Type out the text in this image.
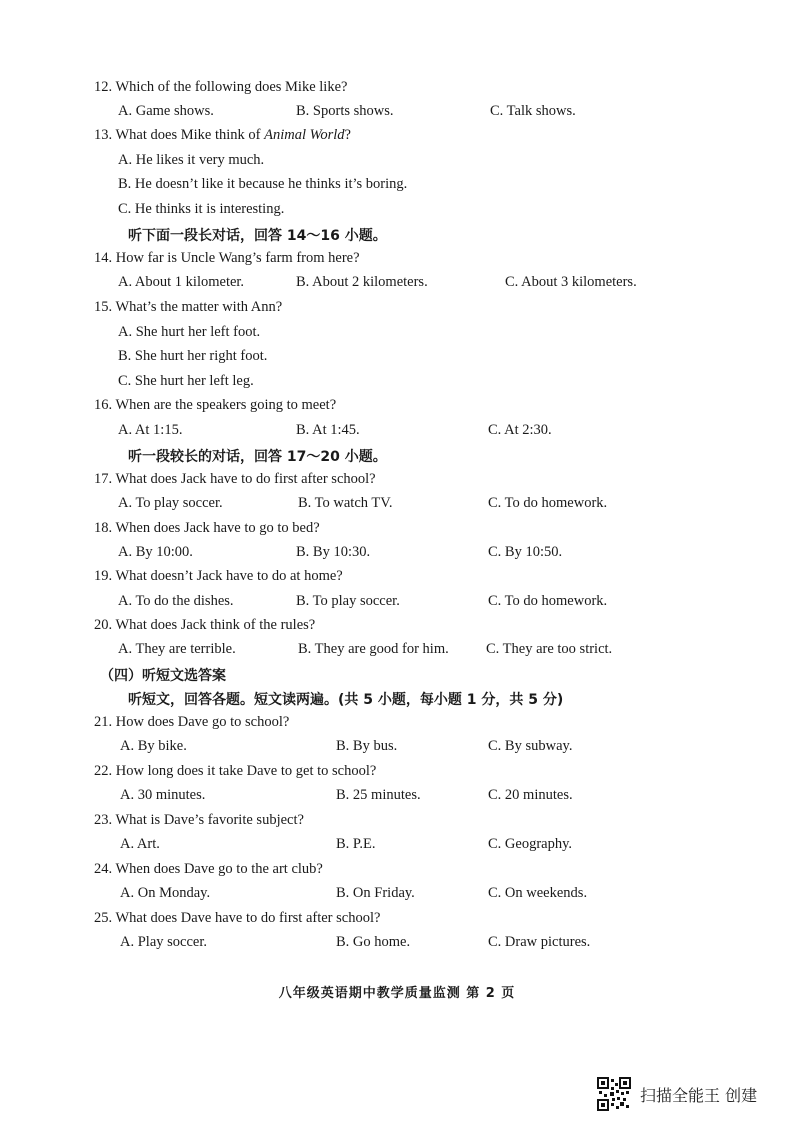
12. Which of the following does Mike like?
A. Game shows.	B. Sports shows.	C. Talk shows.
13. What does Mike think of Animal World?
A. He likes it very much.
B. He doesn’t like it because he thinks it’s boring.
C. He thinks it is interesting.
听下面一段长对话，回答 14～16 小题。
14. How far is Uncle Wang’s farm from here?
A. About 1 kilometer.	B. About 2 kilometers.	C. About 3 kilometers.
15. What’s the matter with Ann?
A. She hurt her left foot.
B. She hurt her right foot.
C. She hurt her left leg.
16. When are the speakers going to meet?
A. At 1:15.	B. At 1:45.	C. At 2:30.
听一段较长的对话，回答 17～20 小题。
17. What does Jack have to do first after school?
A. To play soccer.	B. To watch TV.	C. To do homework.
18. When does Jack have to go to bed?
A. By 10:00.	B. By 10:30.	C. By 10:50.
19. What doesn’t Jack have to do at home?
A. To do the dishes.	B. To play soccer.	C. To do homework.
20. What does Jack think of the rules?
A. They are terrible.	B. They are good for him.	C. They are too strict.
（四）听短文选答案
听短文，回答各题。短文读两遍。(共 5 小题，每小题 1 分，共 5 分)
21. How does Dave go to school?
A. By bike.	B. By bus.	C. By subway.
22. How long does it take Dave to get to school?
A. 30 minutes.	B. 25 minutes.	C. 20 minutes.
23. What is Dave’s favorite subject?
A. Art.	B. P.E.	C. Geography.
24. When does Dave go to the art club?
A. On Monday.	B. On Friday.	C. On weekends.
25. What does Dave have to do first after school?
A. Play soccer.	B. Go home.	C. Draw pictures.
八年级英语期中教学质量监测 第 2 页
扫描全能王 创建
